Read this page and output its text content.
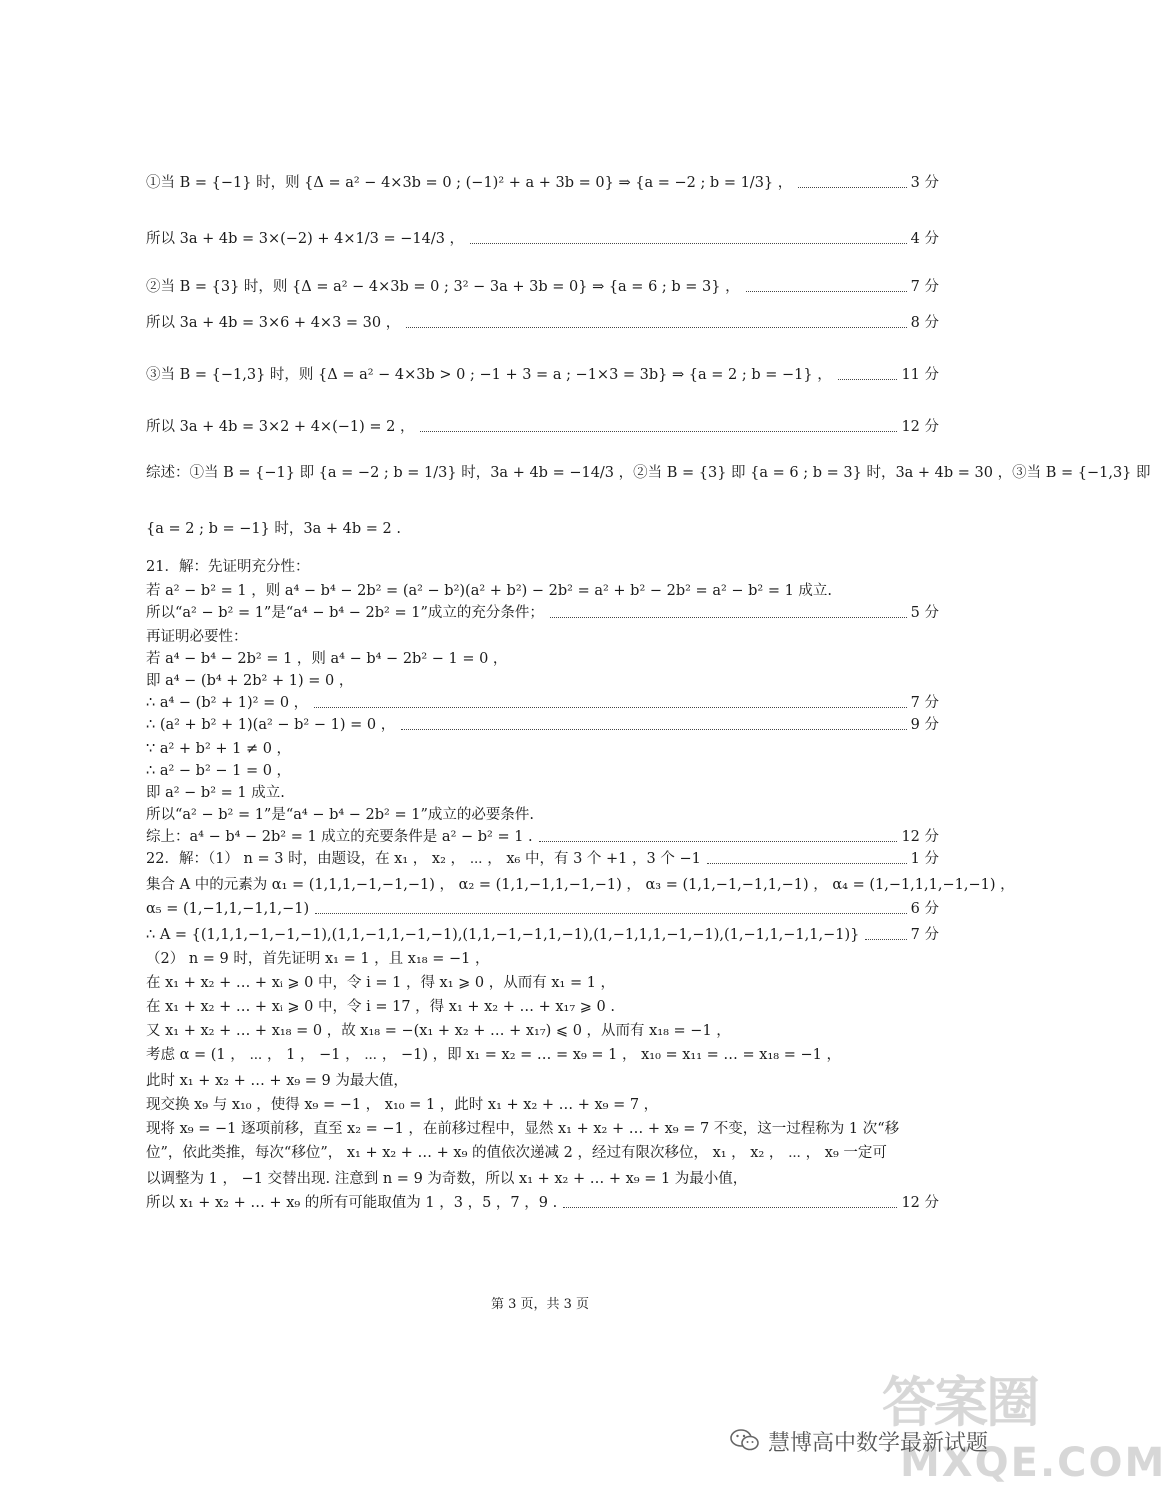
①当 B = {−1} 时，则 {Δ = a² − 4×3b = 0 ; (−1)² + a + 3b = 0} ⇒ {a = −2 ; b = 1/3} ，	3 分
所以 3a + 4b = 3×(−2) + 4×1/3 = −14/3 ，	4 分
②当 B = {3} 时，则 {Δ = a² − 4×3b = 0 ; 3² − 3a + 3b = 0} ⇒ {a = 6 ; b = 3} ，	7 分
所以 3a + 4b = 3×6 + 4×3 = 30 ，	8 分
③当 B = {−1,3} 时，则 {Δ = a² − 4×3b > 0 ; −1 + 3 = a ; −1×3 = 3b} ⇒ {a = 2 ; b = −1} ，	11 分
所以 3a + 4b = 3×2 + 4×(−1) = 2 ，	12 分
综述：①当 B = {−1} 即 {a = −2 ; b = 1/3} 时，3a + 4b = −14/3 ，②当 B = {3} 即 {a = 6 ; b = 3} 时，3a + 4b = 30 ，③当 B = {−1,3} 即
{a = 2 ; b = −1} 时，3a + 4b = 2 .
21．解：先证明充分性：
若 a² − b² = 1 ，则 a⁴ − b⁴ − 2b² = (a² − b²)(a² + b²) − 2b² = a² + b² − 2b² = a² − b² = 1 成立.
所以“a² − b² = 1”是“a⁴ − b⁴ − 2b² = 1”成立的充分条件；	5 分
再证明必要性：
若 a⁴ − b⁴ − 2b² = 1 ，则 a⁴ − b⁴ − 2b² − 1 = 0 ，
即 a⁴ − (b⁴ + 2b² + 1) = 0 ，
∴ a⁴ − (b² + 1)² = 0 ，	7 分
∴ (a² + b² + 1)(a² − b² − 1) = 0 ，	9 分
∵ a² + b² + 1 ≠ 0 ，
∴ a² − b² − 1 = 0 ，
即 a² − b² = 1 成立.
所以“a² − b² = 1”是“a⁴ − b⁴ − 2b² = 1”成立的必要条件.
综上：a⁴ − b⁴ − 2b² = 1 成立的充要条件是 a² − b² = 1 .	12 分
22．解：（1） n = 3 时，由题设，在 x₁ ， x₂ ， ⋯ ， x₆ 中，有 3 个 +1 ，3 个 −1	1 分
集合 A 中的元素为 α₁ = (1,1,1,−1,−1,−1) ， α₂ = (1,1,−1,1,−1,−1) ， α₃ = (1,1,−1,−1,1,−1) ， α₄ = (1,−1,1,1,−1,−1) ，
α₅ = (1,−1,1,−1,1,−1)	6 分
∴ A = {(1,1,1,−1,−1,−1),(1,1,−1,1,−1,−1),(1,1,−1,−1,1,−1),(1,−1,1,1,−1,−1),(1,−1,1,−1,1,−1)}	7 分
（2） n = 9 时，首先证明 x₁ = 1 ，且 x₁₈ = −1 ，
在 x₁ + x₂ + … + xᵢ ⩾ 0 中，令 i = 1 ，得 x₁ ⩾ 0 ，从而有 x₁ = 1 ，
在 x₁ + x₂ + … + xᵢ ⩾ 0 中，令 i = 17 ，得 x₁ + x₂ + … + x₁₇ ⩾ 0 .
又 x₁ + x₂ + … + x₁₈ = 0 ，故 x₁₈ = −(x₁ + x₂ + … + x₁₇) ⩽ 0 ，从而有 x₁₈ = −1 ，
考虑 α = (1 ， ⋯ ， 1 ， −1 ， ⋯ ， −1) ，即 x₁ = x₂ = … = x₉ = 1 ， x₁₀ = x₁₁ = … = x₁₈ = −1 ，
此时 x₁ + x₂ + … + x₉ = 9 为最大值，
现交换 x₉ 与 x₁₀ ，使得 x₉ = −1 ， x₁₀ = 1 ，此时 x₁ + x₂ + … + x₉ = 7 ，
现将 x₉ = −1 逐项前移，直至 x₂ = −1 ，在前移过程中，显然 x₁ + x₂ + … + x₉ = 7 不变，这一过程称为 1 次“移
位”，依此类推，每次“移位”， x₁ + x₂ + … + x₉ 的值依次递减 2 ，经过有限次移位， x₁ ， x₂ ， ⋯ ， x₉ 一定可
以调整为 1 ， −1 交替出现. 注意到 n = 9 为奇数，所以 x₁ + x₂ + … + x₉ = 1 为最小值，
所以 x₁ + x₂ + … + x₉ 的所有可能取值为 1 ，3 ，5 ，7 ，9 .	12 分
第 3 页，共 3 页
答案圈
MXQE.COM
慧博高中数学最新试题
